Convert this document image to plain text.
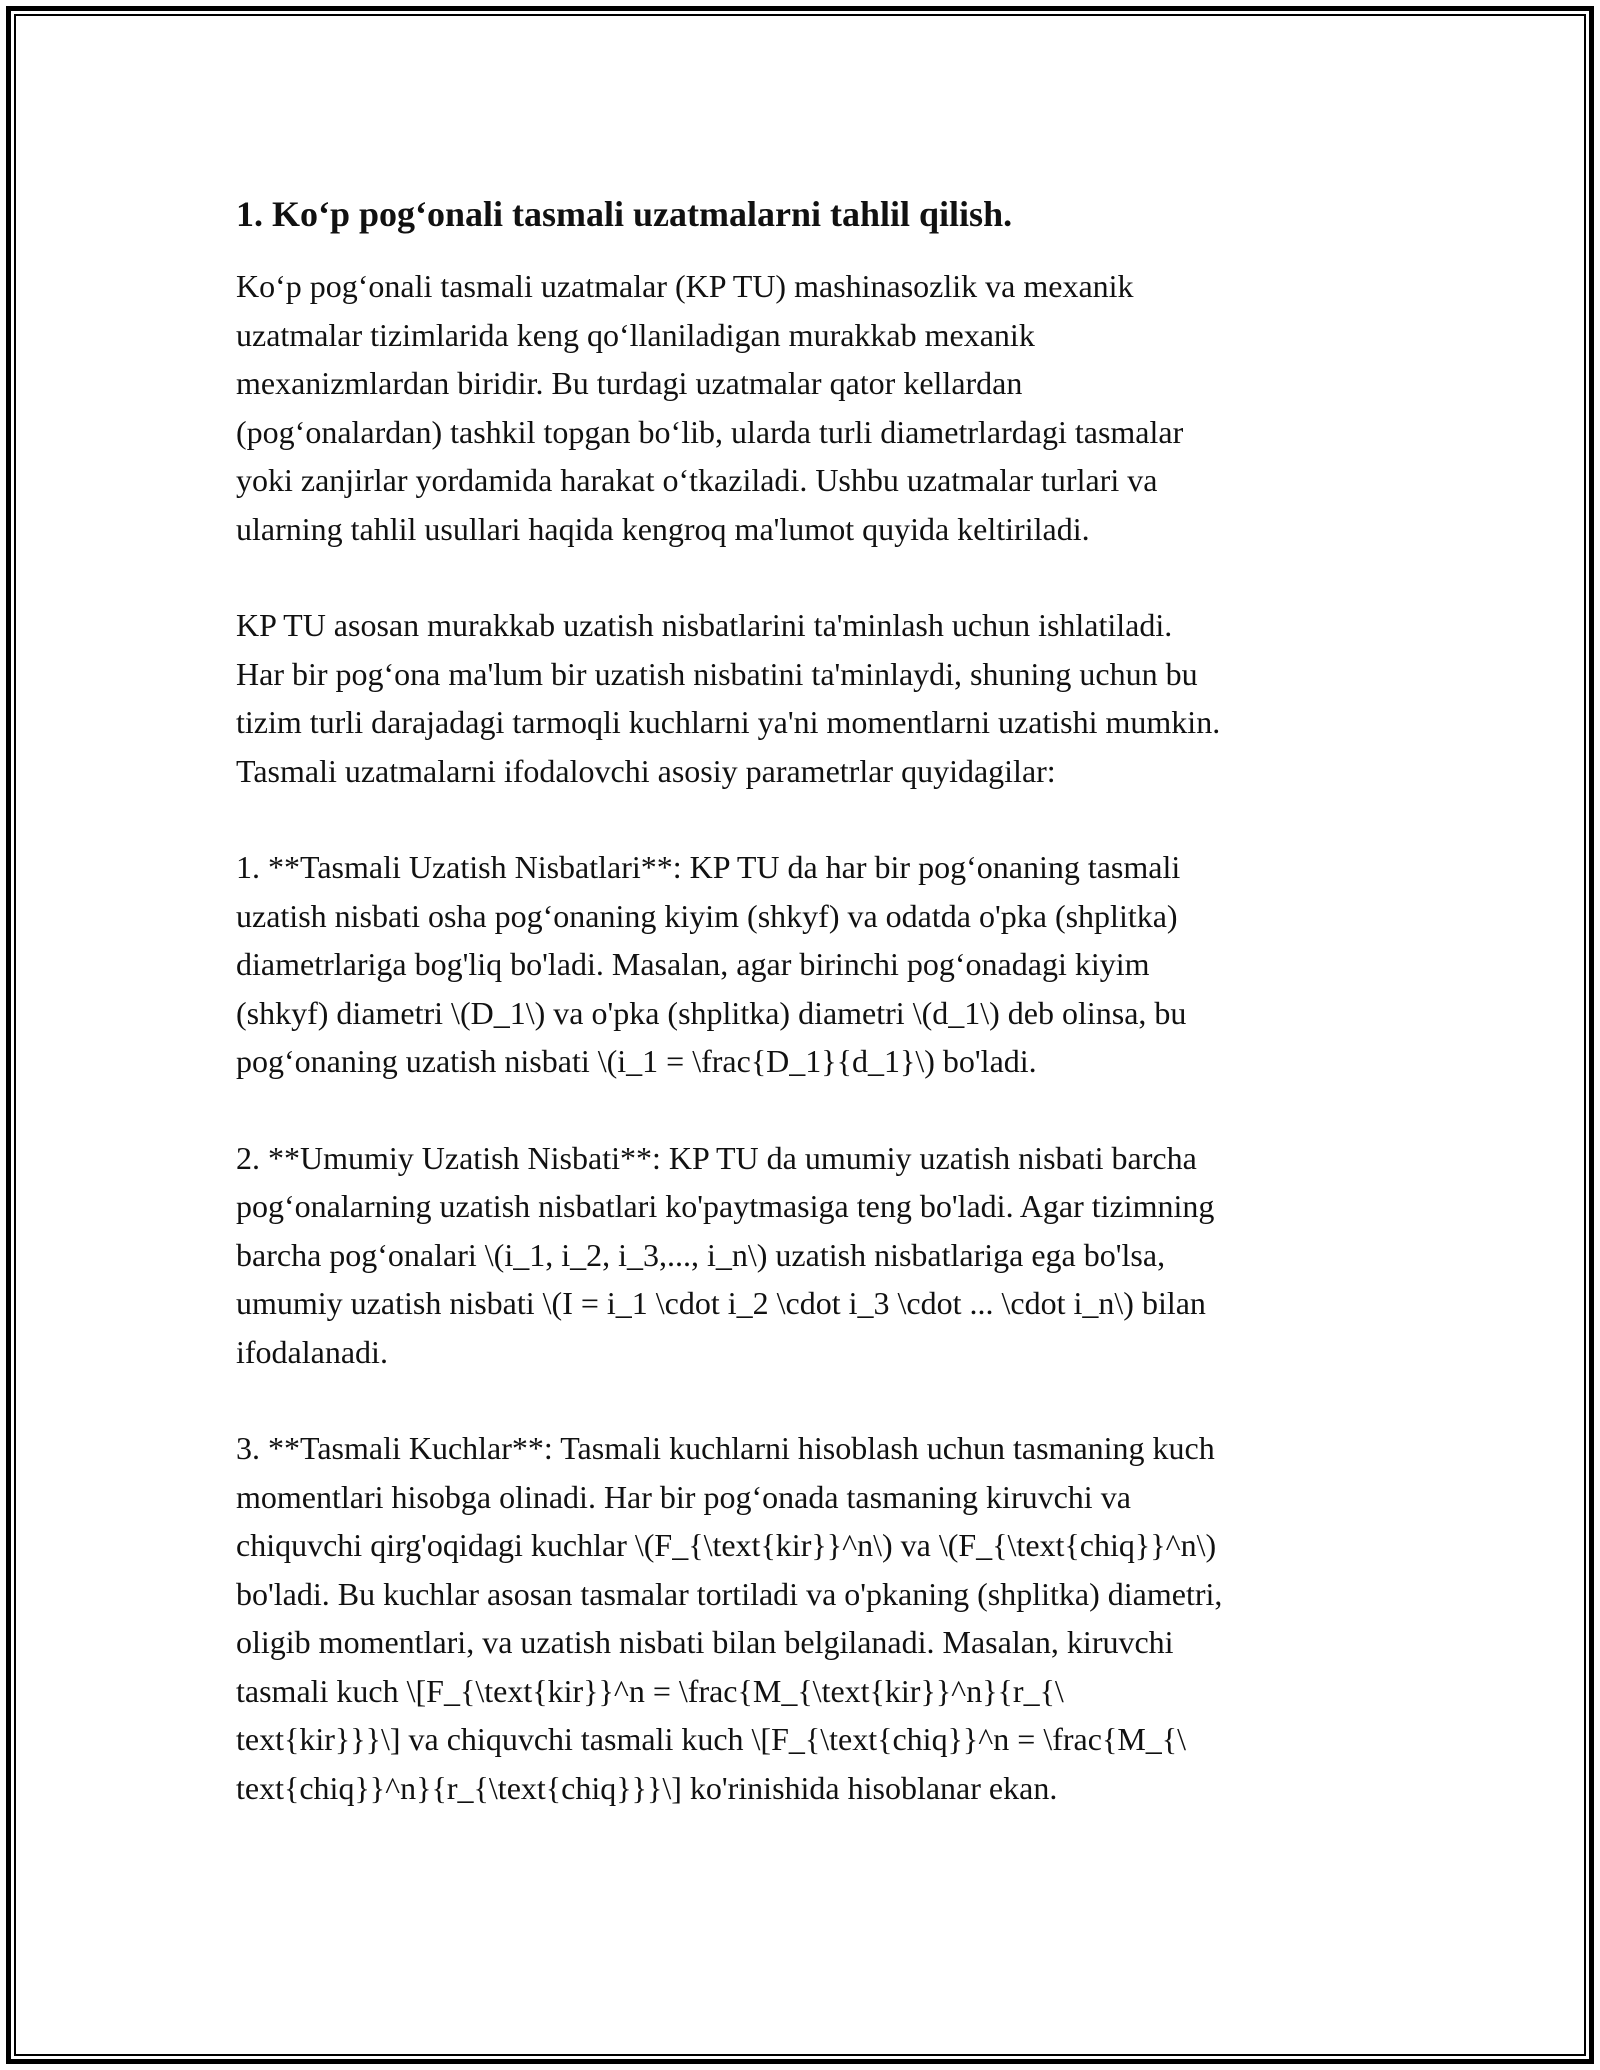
1. Ko‘p pog‘onali tasmali uzatmalarni tahlil qilish.

Ko‘p pog‘onali tasmali uzatmalar (KP TU) mashinasozlik va mexanik
uzatmalar tizimlarida keng qo‘llaniladigan murakkab mexanik
mexanizmlardan biridir. Bu turdagi uzatmalar qator kellardan
(pog‘onalardan) tashkil topgan bo‘lib, ularda turli diametrlardagi tasmalar
yoki zanjirlar yordamida harakat o‘tkaziladi. Ushbu uzatmalar turlari va
ularning tahlil usullari haqida kengroq ma'lumot quyida keltiriladi.

KP TU asosan murakkab uzatish nisbatlarini ta'minlash uchun ishlatiladi.
Har bir pog‘ona ma'lum bir uzatish nisbatini ta'minlaydi, shuning uchun bu
tizim turli darajadagi tarmoqli kuchlarni ya'ni momentlarni uzatishi mumkin.
Tasmali uzatmalarni ifodalovchi asosiy parametrlar quyidagilar:

1. **Tasmali Uzatish Nisbatlari**: KP TU da har bir pog‘onaning tasmali
uzatish nisbati osha pog‘onaning kiyim (shkyf) va odatda o'pka (shplitka)
diametrlariga bog'liq bo'ladi. Masalan, agar birinchi pog‘onadagi kiyim
(shkyf) diametri \(D_1\) va o'pka (shplitka) diametri \(d_1\) deb olinsa, bu
pog‘onaning uzatish nisbati \(i_1 = \frac{D_1}{d_1}\) bo'ladi.

2. **Umumiy Uzatish Nisbati**: KP TU da umumiy uzatish nisbati barcha
pog‘onalarning uzatish nisbatlari ko'paytmasiga teng bo'ladi. Agar tizimning
barcha pog‘onalari \(i_1, i_2, i_3,..., i_n\) uzatish nisbatlariga ega bo'lsa,
umumiy uzatish nisbati \(I = i_1 \cdot i_2 \cdot i_3 \cdot ... \cdot i_n\) bilan
ifodalanadi.

3. **Tasmali Kuchlar**: Tasmali kuchlarni hisoblash uchun tasmaning kuch
momentlari hisobga olinadi. Har bir pog‘onada tasmaning kiruvchi va
chiquvchi qirg'oqidagi kuchlar \(F_{\text{kir}}^n\) va \(F_{\text{chiq}}^n\)
bo'ladi. Bu kuchlar asosan tasmalar tortiladi va o'pkaning (shplitka) diametri,
oligib momentlari, va uzatish nisbati bilan belgilanadi. Masalan, kiruvchi
tasmali kuch \[F_{\text{kir}}^n = \frac{M_{\text{kir}}^n}{r_{\
text{kir}}}\] va chiquvchi tasmali kuch \[F_{\text{chiq}}^n = \frac{M_{\
text{chiq}}^n}{r_{\text{chiq}}}\] ko'rinishida hisoblanar ekan.
